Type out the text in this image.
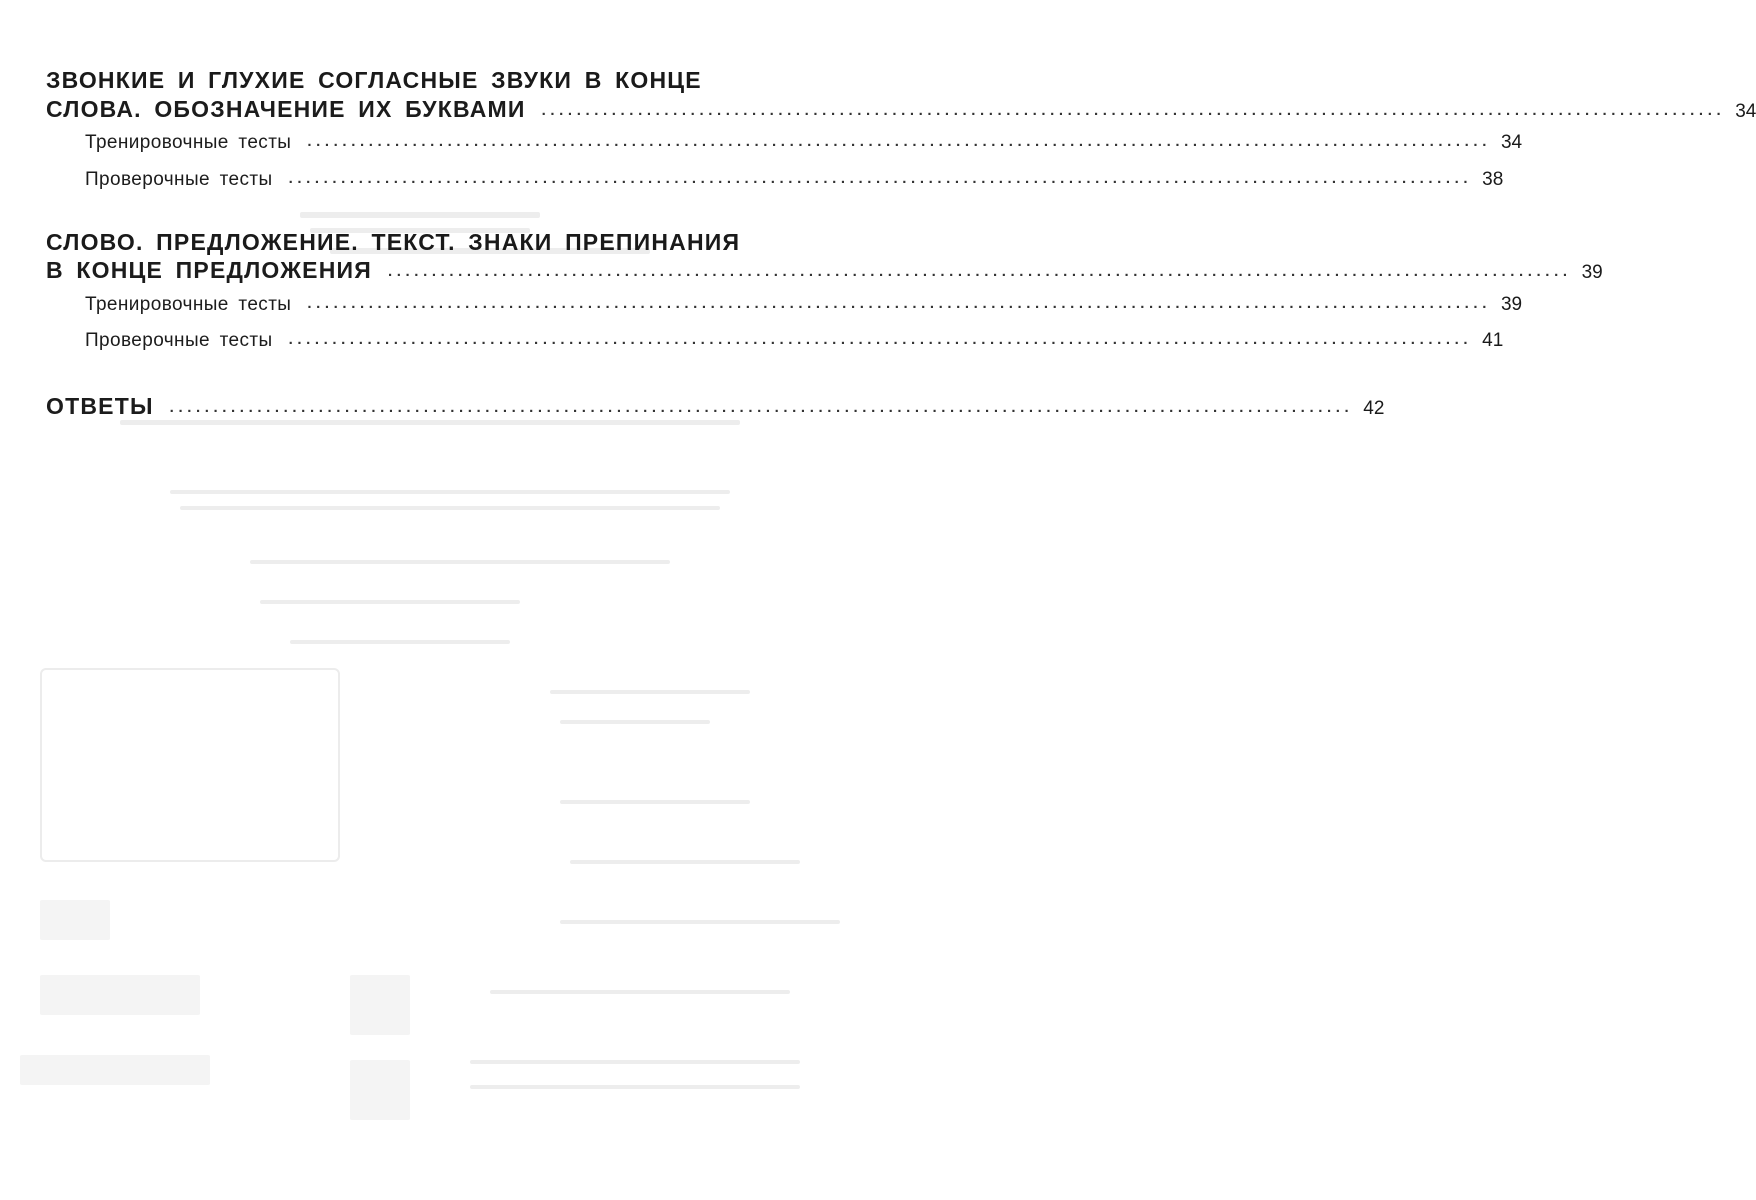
ЗВОНКИЕ И ГЛУХИЕ СОГЛАСНЫЕ ЗВУКИ В КОНЦЕ
СЛОВА. ОБОЗНАЧЕНИЕ ИХ БУКВАМИ ....................................................................................................................................... 34
Тренировочные тесты ....................................................................................................................................... 34
Проверочные тесты ....................................................................................................................................... 38
СЛОВО. ПРЕДЛОЖЕНИЕ. ТЕКСТ. ЗНАКИ ПРЕПИНАНИЯ
В КОНЦЕ ПРЕДЛОЖЕНИЯ ....................................................................................................................................... 39
Тренировочные тесты ....................................................................................................................................... 39
Проверочные тесты ....................................................................................................................................... 41
ОТВЕТЫ ....................................................................................................................................... 42
